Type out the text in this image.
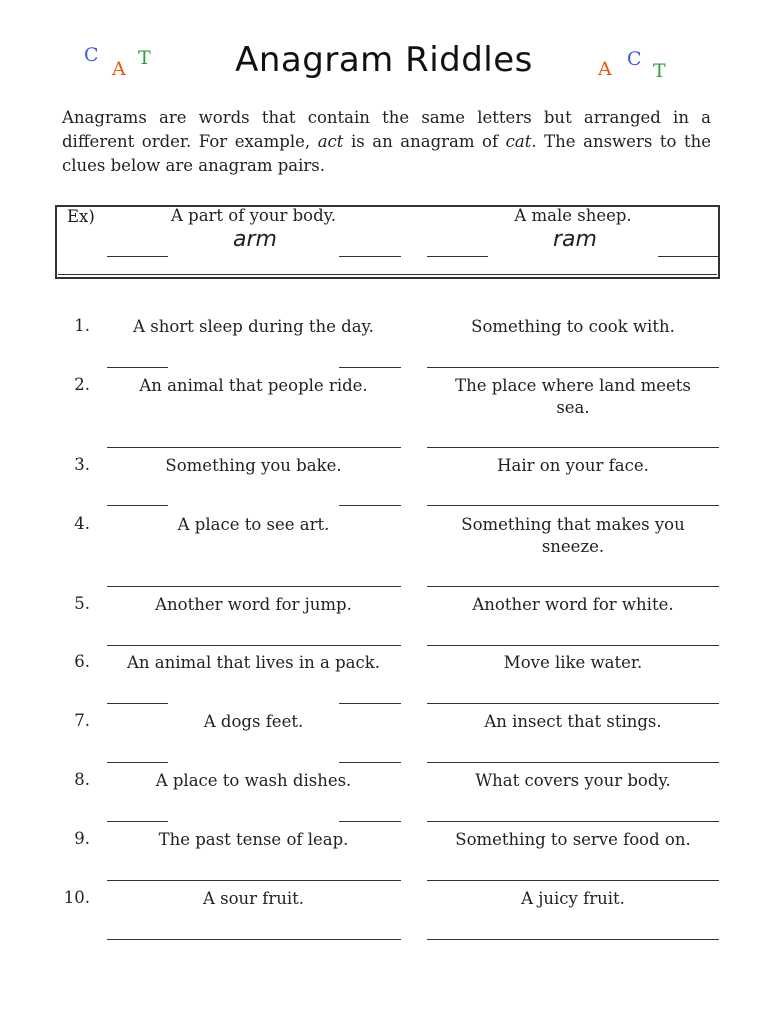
C
A T	A C
T
Anagram Riddles
Anagrams are words that contain the same letters but arranged in a different order. For example, act is an anagram of cat. The answers to the clues below are anagram pairs.
Ex)	A part of your body.	A male sheep.
arm	ram
1.	A short sleep during the day.	Something to cook with.
2.	An animal that people ride.	The place where land meets sea.
3.	Something you bake.	Hair on your face.
4.	A place to see art.	Something that makes you sneeze.
5.	Another word for jump.	Another word for white.
6.	An animal that lives in a pack.	Move like water.
7.	A dogs feet.	An insect that stings.
8.	A place to wash dishes.	What covers your body.
9.	The past tense of leap.	Something to serve food on.
10.	A sour fruit.	A juicy fruit.
